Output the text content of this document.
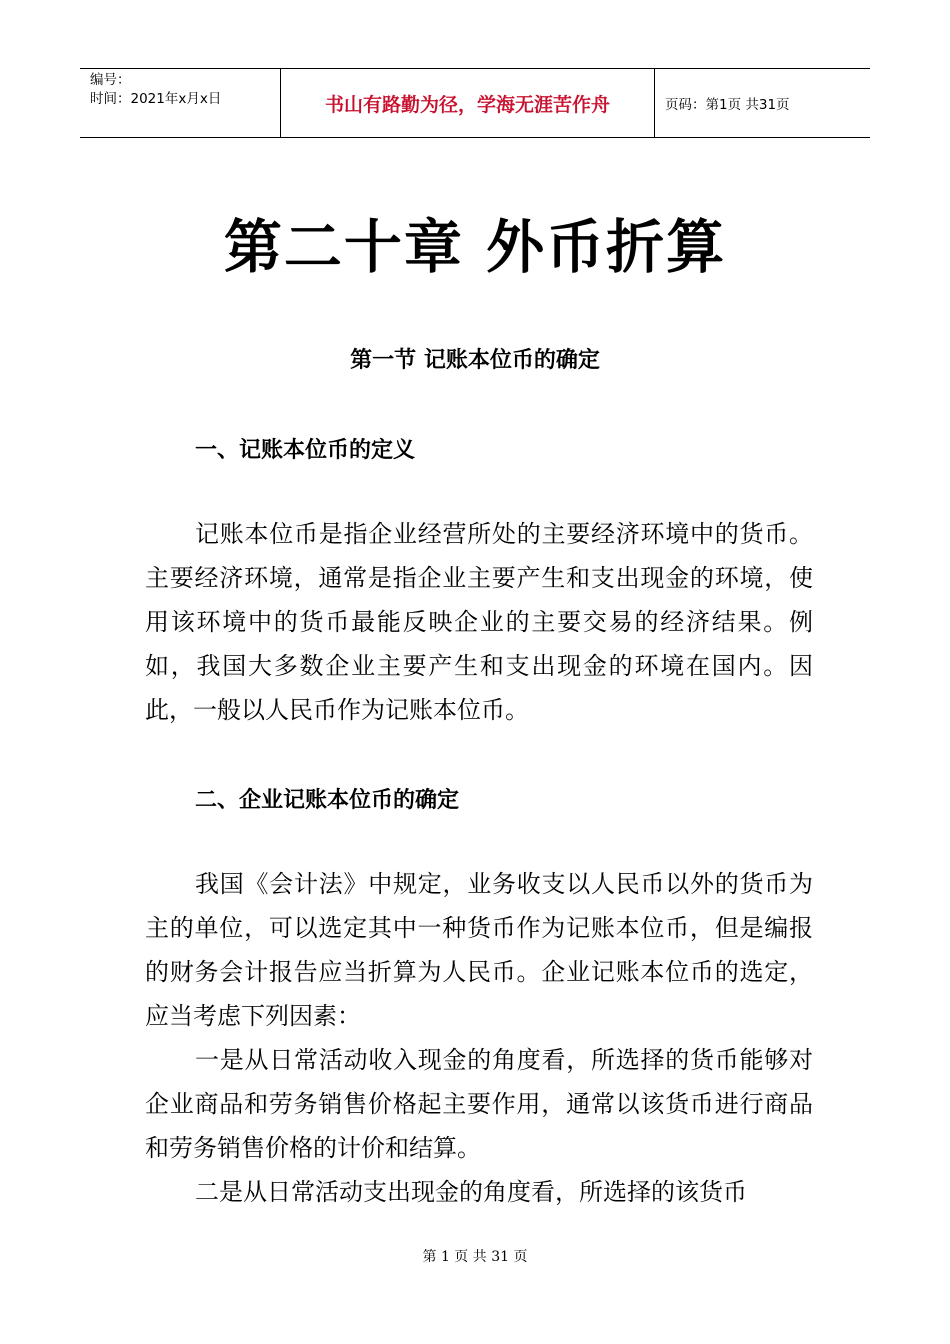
编号：
时间：2021年x月x日	书山有路勤为径，学海无涯苦作舟	页码：第1页 共31页
第二十章 外币折算
第一节 记账本位币的确定
一、记账本位币的定义

记账本位币是指企业经营所处的主要经济环境中的货币。主要经济环境，通常是指企业主要产生和支出现金的环境，使用该环境中的货币最能反映企业的主要交易的经济结果。例如，我国大多数企业主要产生和支出现金的环境在国内。因此，一般以人民币作为记账本位币。

二、企业记账本位币的确定

我国《会计法》中规定，业务收支以人民币以外的货币为主的单位，可以选定其中一种货币作为记账本位币，但是编报的财务会计报告应当折算为人民币。企业记账本位币的选定，应当考虑下列因素：

一是从日常活动收入现金的角度看，所选择的货币能够对企业商品和劳务销售价格起主要作用，通常以该货币进行商品和劳务销售价格的计价和结算。

二是从日常活动支出现金的角度看，所选择的该货币

第 1 页 共 31 页
